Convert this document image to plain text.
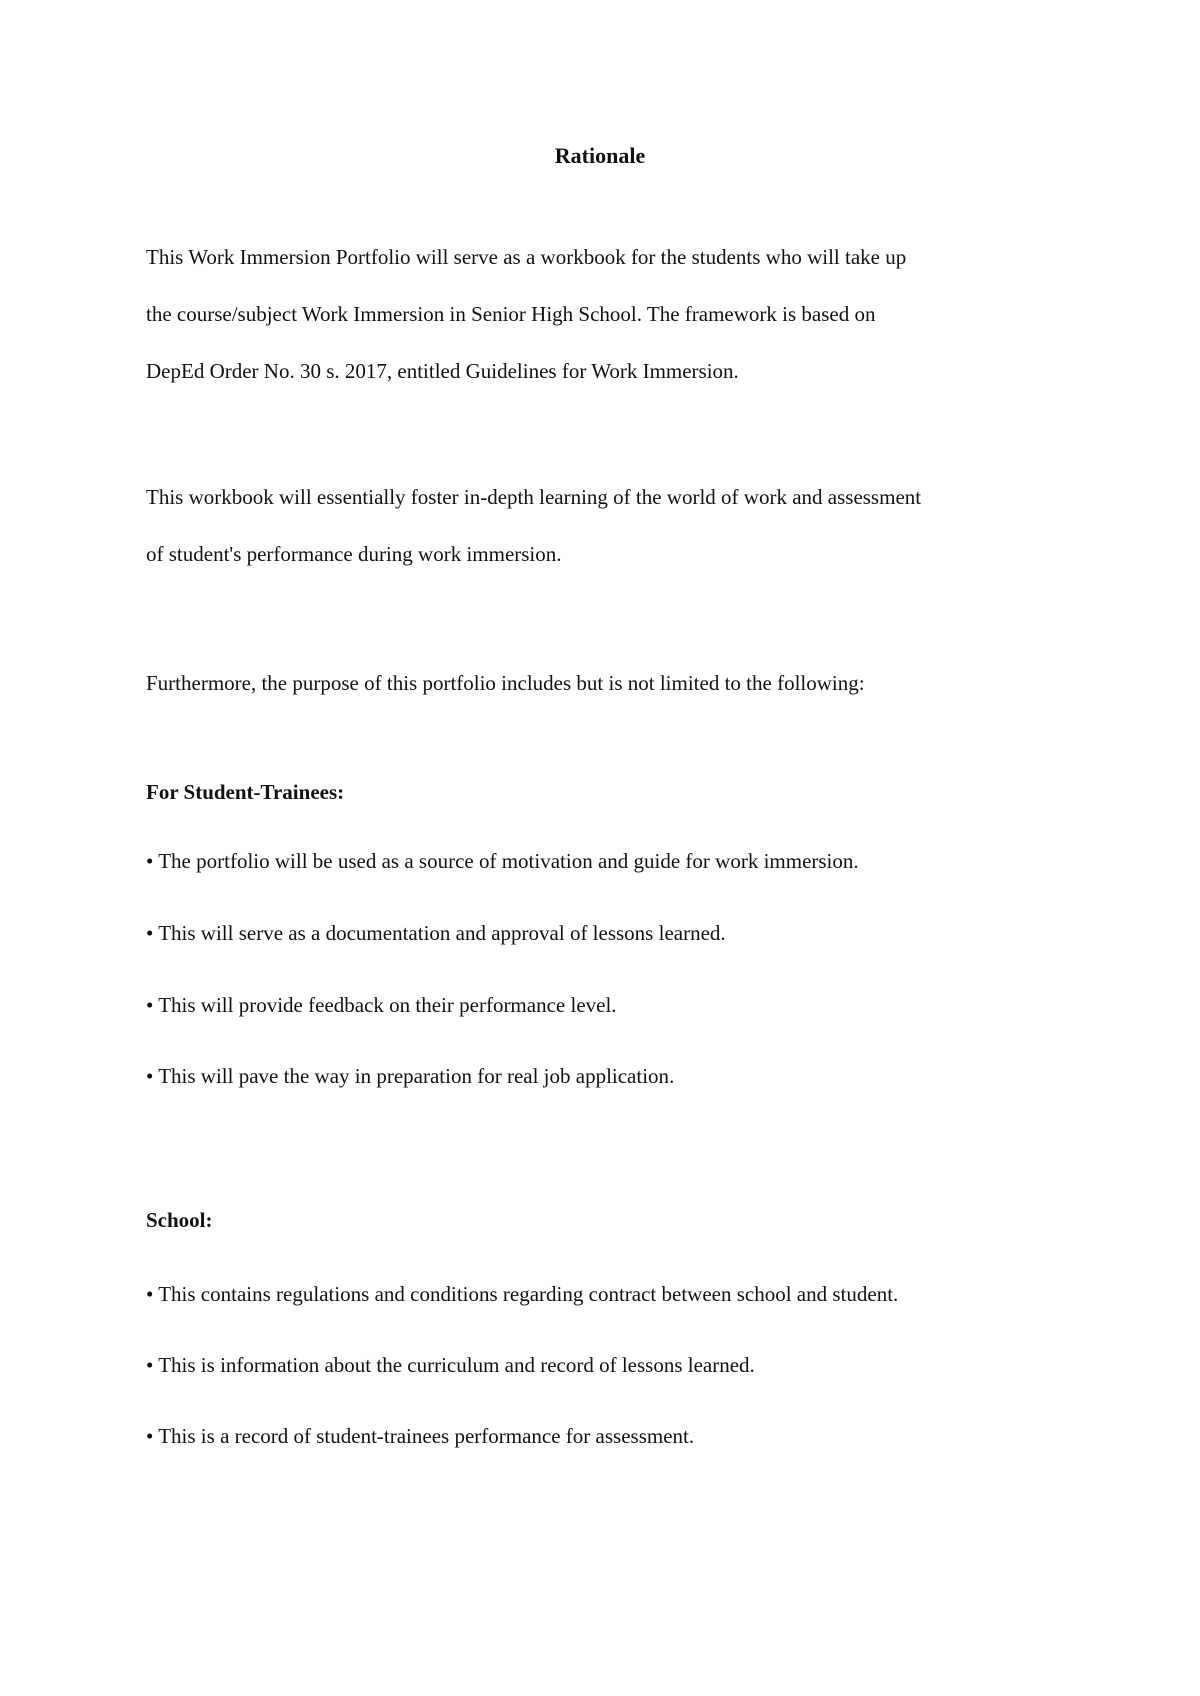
Rationale
This Work Immersion Portfolio will serve as a workbook for the students who will take up
the course/subject Work Immersion in Senior High School. The framework is based on
DepEd Order No. 30 s. 2017, entitled Guidelines for Work Immersion.
This workbook will essentially foster in-depth learning of the world of work and assessment
of student's performance during work immersion.
Furthermore, the purpose of this portfolio includes but is not limited to the following:
For Student-Trainees:
• The portfolio will be used as a source of motivation and guide for work immersion.
• This will serve as a documentation and approval of lessons learned.
• This will provide feedback on their performance level.
• This will pave the way in preparation for real job application.
School:
• This contains regulations and conditions regarding contract between school and student.
• This is information about the curriculum and record of lessons learned.
• This is a record of student-trainees performance for assessment.
